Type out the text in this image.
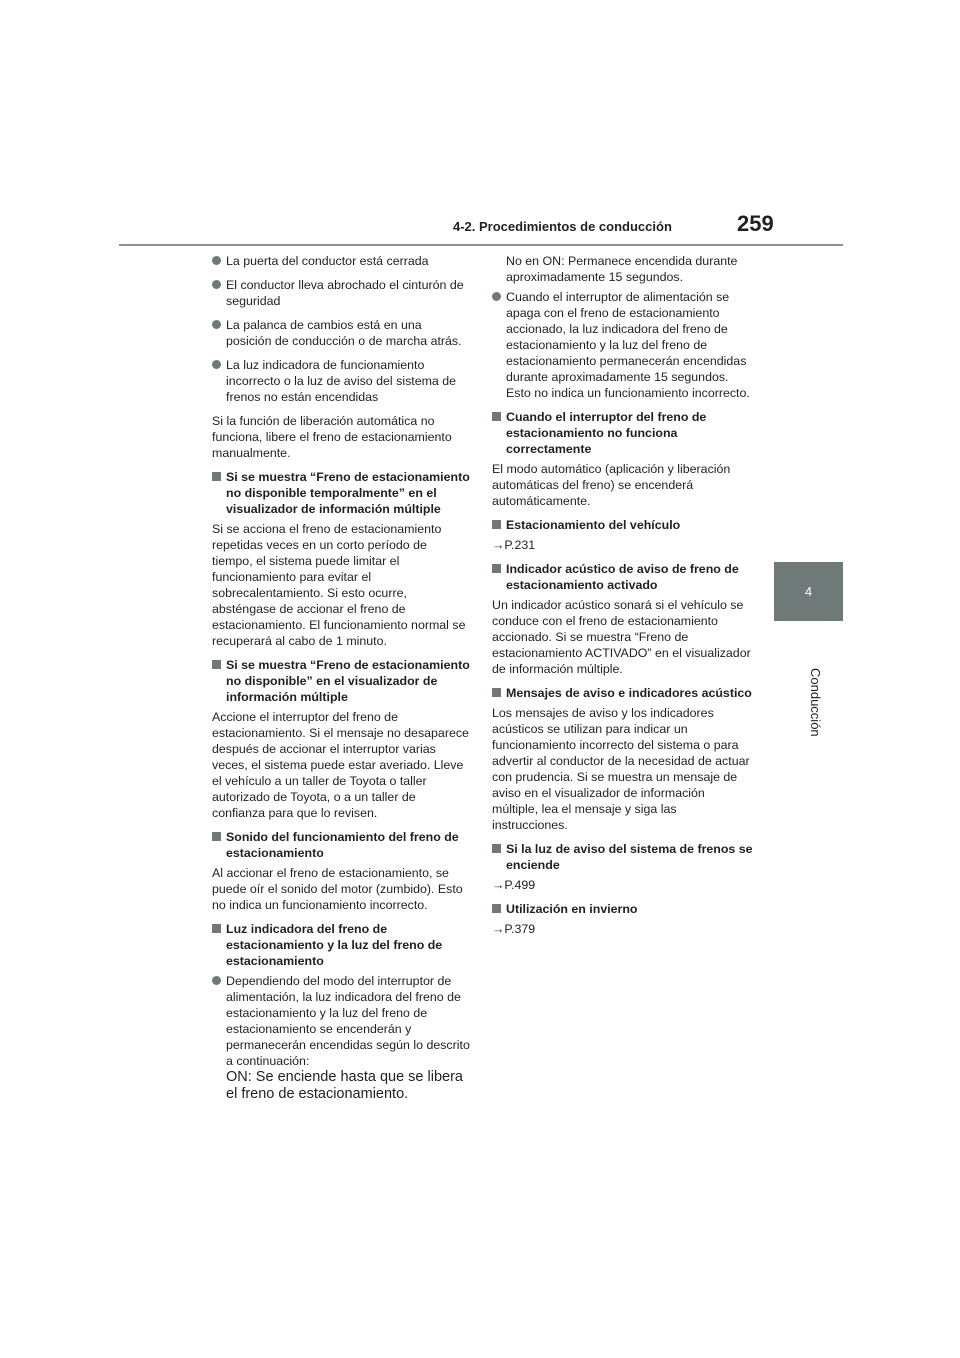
4-2. Procedimientos de conducción	259
4
Conducción
La puerta del conductor está cerrada
El conductor lleva abrochado el cinturón de seguridad
La palanca de cambios está en una posición de conducción o de marcha atrás.
La luz indicadora de funcionamiento incorrecto o la luz de aviso del sistema de frenos no están encendidas

Si la función de liberación automática no funciona, libere el freno de estacionamiento manualmente.

Si se muestra “Freno de estacionamiento no disponible temporalmente” en el visualizador de información múltiple

Si se acciona el freno de estacionamiento repetidas veces en un corto período de tiempo, el sistema puede limitar el funcionamiento para evitar el sobrecalentamiento. Si esto ocurre, absténgase de accionar el freno de estacionamiento. El funcionamiento normal se recuperará al cabo de 1 minuto.

Si se muestra “Freno de estacionamiento no disponible” en el visualizador de información múltiple

Accione el interruptor del freno de estacionamiento. Si el mensaje no desaparece después de accionar el interruptor varias veces, el sistema puede estar averiado. Lleve el vehículo a un taller de Toyota o taller autorizado de Toyota, o a un taller de confianza para que lo revisen.

Sonido del funcionamiento del freno de estacionamiento

Al accionar el freno de estacionamiento, se puede oír el sonido del motor (zumbido). Esto no indica un funcionamiento incorrecto.

Luz indicadora del freno de estacionamiento y la luz del freno de estacionamiento
Dependiendo del modo del interruptor de alimentación, la luz indicadora del freno de estacionamiento y la luz del freno de estacionamiento se encenderán y permanecerán encendidas según lo descrito a continuación:
ON: Se enciende hasta que se libera el freno de estacionamiento.

No en ON: Permanece encendida durante aproximadamente 15 segundos.

Cuando el interruptor de alimentación se apaga con el freno de estacionamiento accionado, la luz indicadora del freno de estacionamiento y la luz del freno de estacionamiento permanecerán encendidas durante aproximadamente 15 segundos. Esto no indica un funcionamiento incorrecto.
Cuando el interruptor del freno de estacionamiento no funciona correctamente

El modo automático (aplicación y liberación automáticas del freno) se encenderá automáticamente.

Estacionamiento del vehículo

→P.231

Indicador acústico de aviso de freno de estacionamiento activado

Un indicador acústico sonará si el vehículo se conduce con el freno de estacionamiento accionado. Si se muestra “Freno de estacionamiento ACTIVADO” en el visualizador de información múltiple.

Mensajes de aviso e indicadores acústico

Los mensajes de aviso y los indicadores acústicos se utilizan para indicar un funcionamiento incorrecto del sistema o para advertir al conductor de la necesidad de actuar con prudencia. Si se muestra un mensaje de aviso en el visualizador de información múltiple, lea el mensaje y siga las instrucciones.

Si la luz de aviso del sistema de frenos se enciende

→P.499

Utilización en invierno

→P.379
